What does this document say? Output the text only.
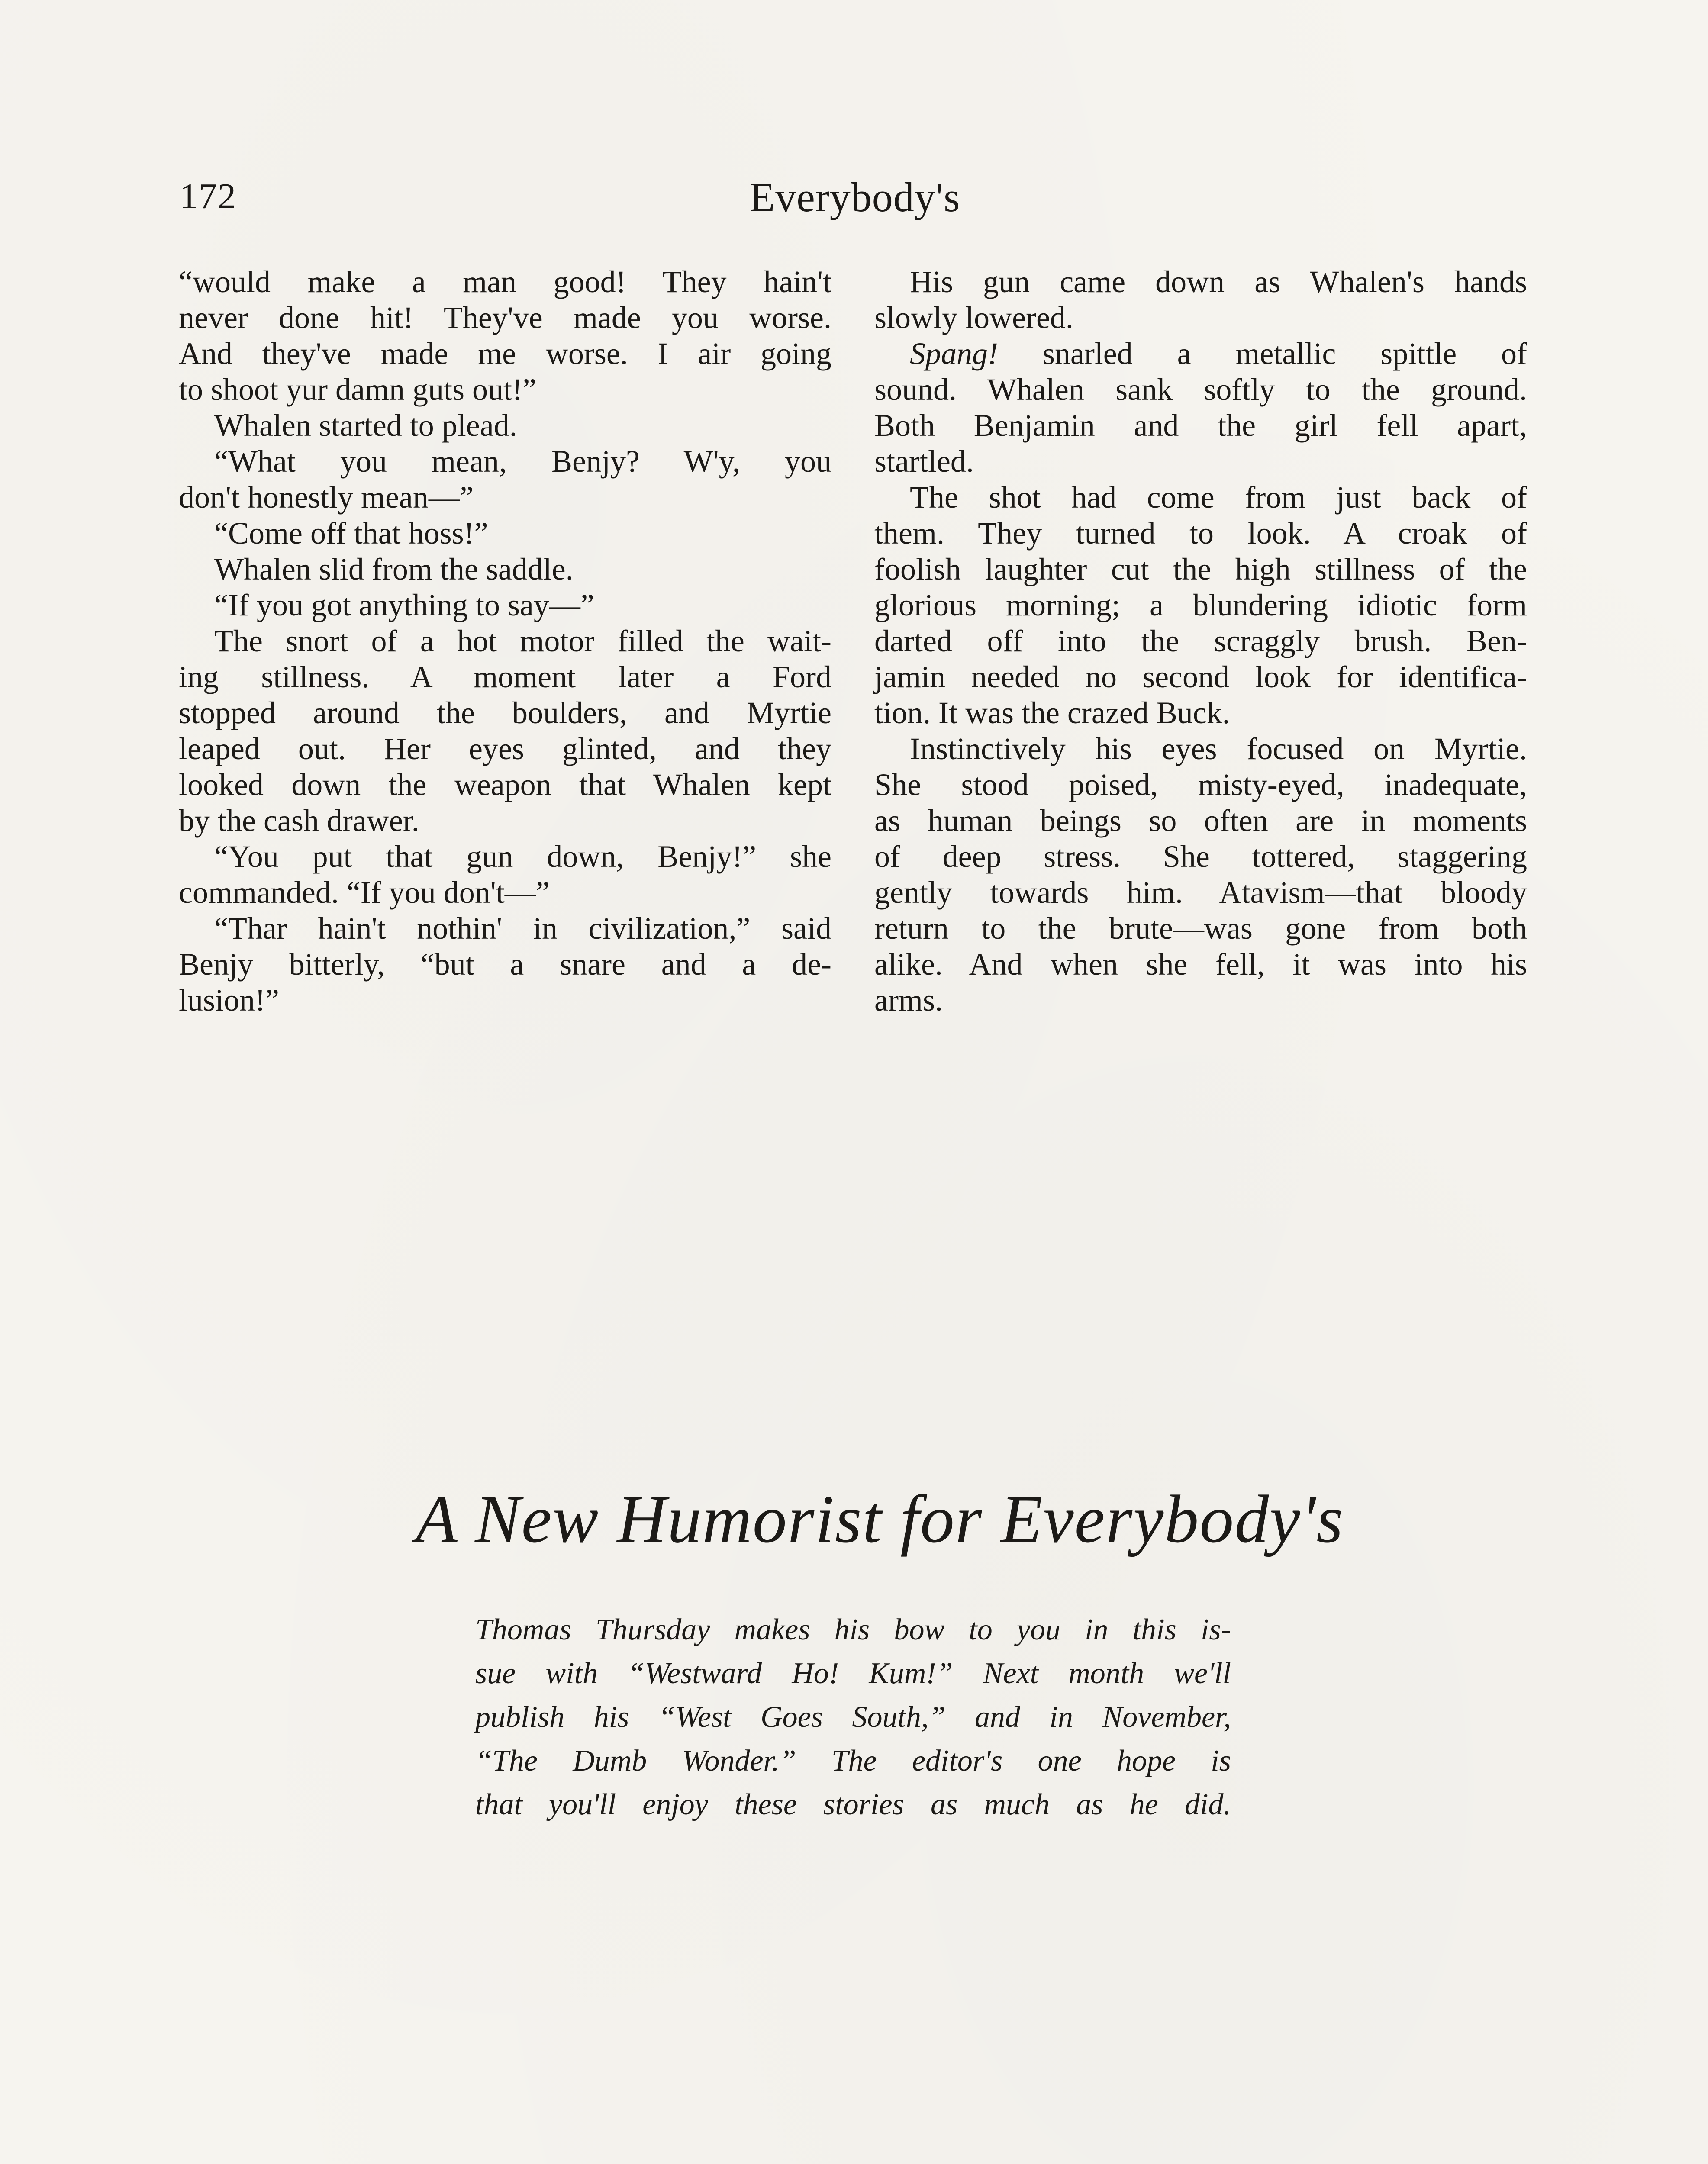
172	Everybody's
“would make a man good! They hain't
never done hit! They've made you worse.
And they've made me worse. I air going
to shoot yur damn guts out!”
Whalen started to plead.
“What you mean, Benjy? W'y, you
don't honestly mean—”
“Come off that hoss!”
Whalen slid from the saddle.
“If you got anything to say—”
The snort of a hot motor filled the wait-
ing stillness. A moment later a Ford
stopped around the boulders, and Myrtie
leaped out. Her eyes glinted, and they
looked down the weapon that Whalen kept
by the cash drawer.
“You put that gun down, Benjy!” she
commanded. “If you don't—”
“Thar hain't nothin' in civilization,” said
Benjy bitterly, “but a snare and a de-
lusion!”
His gun came down as Whalen's hands
slowly lowered.
Spang! snarled a metallic spittle of
sound. Whalen sank softly to the ground.
Both Benjamin and the girl fell apart,
startled.
The shot had come from just back of
them. They turned to look. A croak of
foolish laughter cut the high stillness of the
glorious morning; a blundering idiotic form
darted off into the scraggly brush. Ben-
jamin needed no second look for identifica-
tion. It was the crazed Buck.
Instinctively his eyes focused on Myrtie.
She stood poised, misty-eyed, inadequate,
as human beings so often are in moments
of deep stress. She tottered, staggering
gently towards him. Atavism—that bloody
return to the brute—was gone from both
alike. And when she fell, it was into his
arms.
A New Humorist for Everybody's
Thomas Thursday makes his bow to you in this is-
sue with “Westward Ho! Kum!” Next month we'll
publish his “West Goes South,” and in November,
“The Dumb Wonder.” The editor's one hope is
that you'll enjoy these stories as much as he did.
